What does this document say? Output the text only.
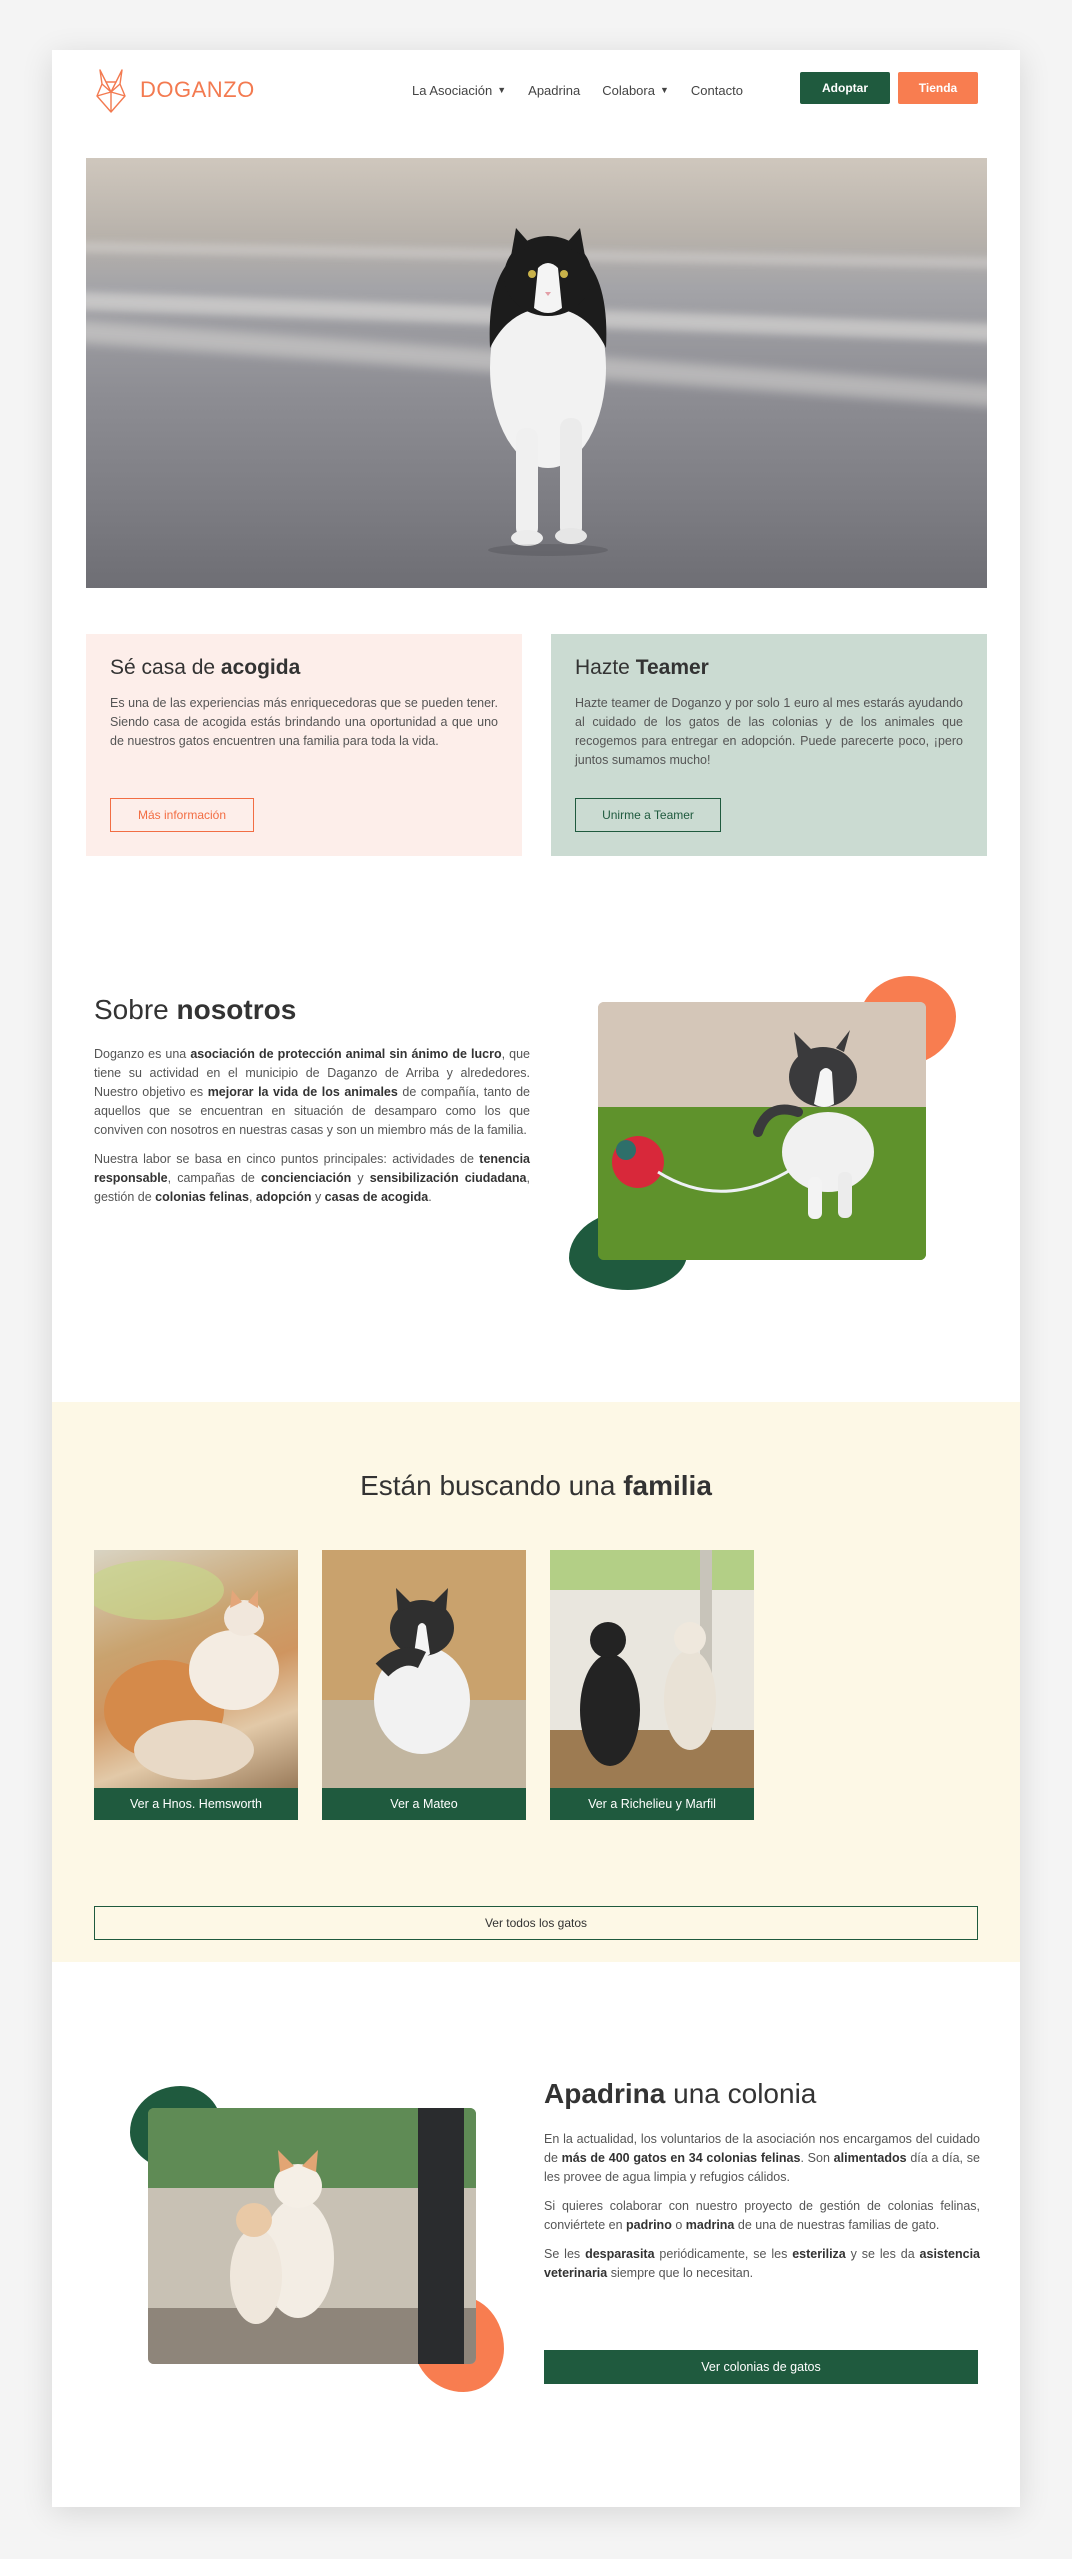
DOGANZO	La Asociación ▼ Apadrina Colabora ▼ Contacto	Adoptar	Tienda
Sé casa de acogida

Es una de las experiencias más enriquecedoras que se pueden tener. Siendo casa de acogida estás brindando una oportunidad a que uno de nuestros gatos encuentren una familia para toda la vida.

Más información
Hazte Teamer

Hazte teamer de Doganzo y por solo 1 euro al mes estarás ayudando al cuidado de los gatos de las colonias y de los animales que recogemos para entregar en adopción. Puede parecerte poco, ¡pero juntos sumamos mucho!

Unirme a Teamer
Sobre nosotros

Doganzo es una asociación de protección animal sin ánimo de lucro, que tiene su actividad en el municipio de Daganzo de Arriba y alrededores. Nuestro objetivo es mejorar la vida de los animales de compañía, tanto de aquellos que se encuentran en situación de desamparo como los que conviven con nosotros en nuestras casas y son un miembro más de la familia.

Nuestra labor se basa en cinco puntos principales: actividades de tenencia responsable, campañas de concienciación y sensibilización ciudadana, gestión de colonias felinas, adopción y casas de acogida.

Están buscando una familia
Ver a Hnos. Hemsworth	Ver a Mateo	Ver a Richelieu y Marfil
Ver todos los gatos
Apadrina una colonia

En la actualidad, los voluntarios de la asociación nos encargamos del cuidado de más de 400 gatos en 34 colonias felinas. Son alimentados día a día, se les provee de agua limpia y refugios cálidos.

Si quieres colaborar con nuestro proyecto de gestión de colonias felinas, conviértete en padrino o madrina de una de nuestras familias de gato.

Se les desparasita periódicamente, se les esteriliza y se les da asistencia veterinaria siempre que lo necesitan.

Ver colonias de gatos
